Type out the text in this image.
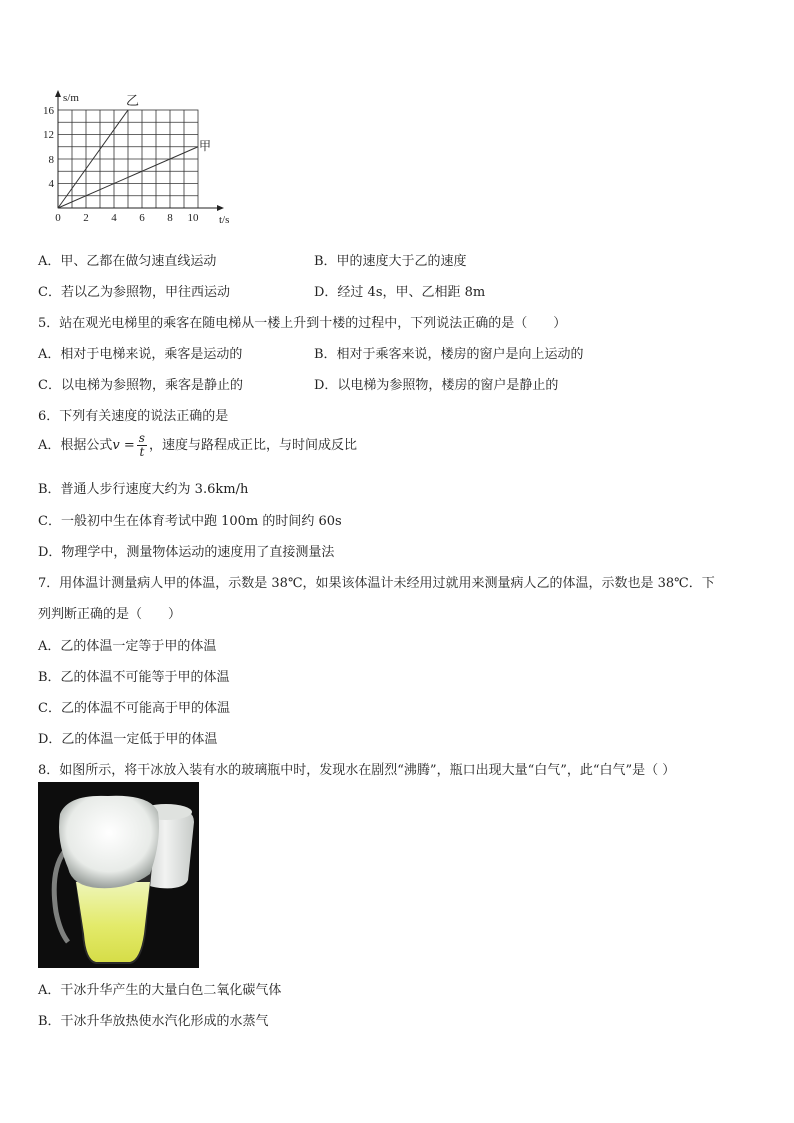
s/m
t/s
16
12
8
4
0 2 4 6 8 10
乙
甲
A．甲、乙都在做匀速直线运动	B．甲的速度大于乙的速度
C．若以乙为参照物，甲往西运动	D．经过 4s，甲、乙相距 8m
5．站在观光电梯里的乘客在随电梯从一楼上升到十楼的过程中，下列说法正确的是（　　）
A．相对于电梯来说，乘客是运动的	B．相对于乘客来说，楼房的窗户是向上运动的
C．以电梯为参照物，乘客是静止的	D．以电梯为参照物，楼房的窗户是静止的
6．下列有关速度的说法正确的是
A．根据公式$v = \frac{s}{t}$ ，速度与路程成正比，与时间成反比
B．普通人步行速度大约为 3.6km/h
C．一般初中生在体育考试中跑 100m 的时间约 60s
D．物理学中，测量物体运动的速度用了直接测量法
7．用体温计测量病人甲的体温，示数是 38℃，如果该体温计未经用过就用来测量病人乙的体温，示数也是 38℃．下
列判断正确的是（　　）
A．乙的体温一定等于甲的体温
B．乙的体温不可能等于甲的体温
C．乙的体温不可能高于甲的体温
D．乙的体温一定低于甲的体温
8．如图所示，将干冰放入装有水的玻璃瓶中时，发现水在剧烈“沸腾”，瓶口出现大量“白气”，此“白气”是（ ）
A．干冰升华产生的大量白色二氧化碳气体
B．干冰升华放热使水汽化形成的水蒸气
